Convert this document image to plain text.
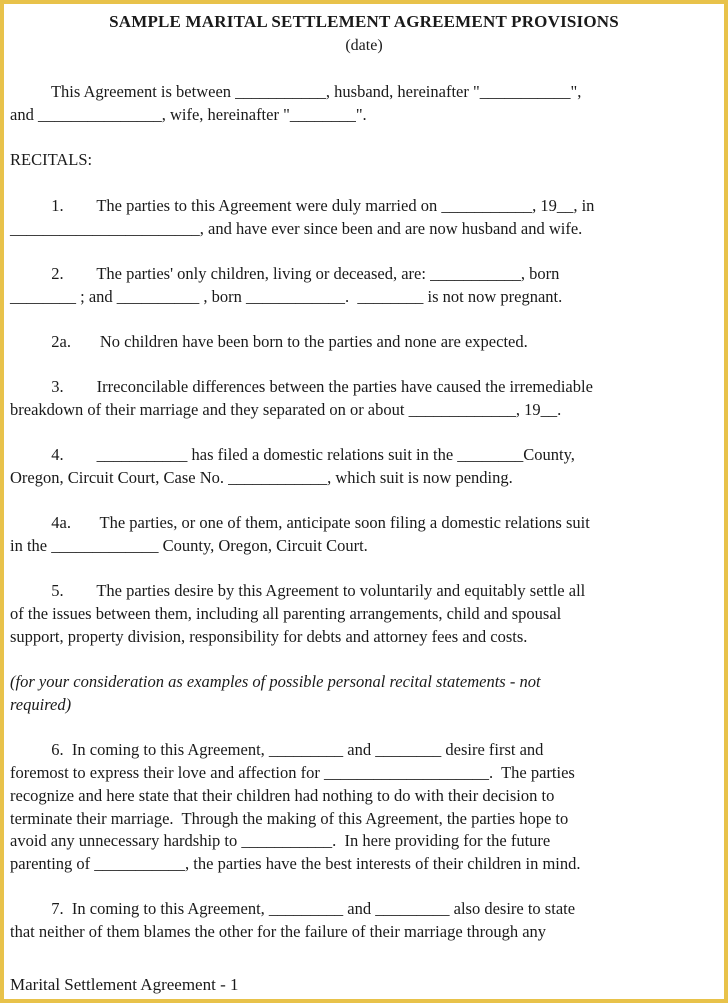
SAMPLE MARITAL SETTLEMENT AGREEMENT PROVISIONS
(date)
This Agreement is between ___________, husband, hereinafter "___________",
and _______________, wife, hereinafter "________".
RECITALS:
1.        The parties to this Agreement were duly married on ___________, 19__, in
_______________________, and have ever since been and are now husband and wife.
2.        The parties' only children, living or deceased, are: ___________, born
________ ; and __________ , born ____________.  ________ is not now pregnant.
2a.       No children have been born to the parties and none are expected.
3.        Irreconcilable differences between the parties have caused the irremediable
breakdown of their marriage and they separated on or about _____________, 19__.
4.        ___________ has filed a domestic relations suit in the ________County,
Oregon, Circuit Court, Case No. ____________, which suit is now pending.
4a.       The parties, or one of them, anticipate soon filing a domestic relations suit
in the _____________ County, Oregon, Circuit Court.
5.        The parties desire by this Agreement to voluntarily and equitably settle all
of the issues between them, including all parenting arrangements, child and spousal
support, property division, responsibility for debts and attorney fees and costs.
(for your consideration as examples of possible personal recital statements - not
required)
6.  In coming to this Agreement, _________ and ________ desire first and
foremost to express their love and affection for ____________________.  The parties
recognize and here state that their children had nothing to do with their decision to
terminate their marriage.  Through the making of this Agreement, the parties hope to
avoid any unnecessary hardship to ___________.  In here providing for the future
parenting of ___________, the parties have the best interests of their children in mind.
7.  In coming to this Agreement, _________ and _________ also desire to state
that neither of them blames the other for the failure of their marriage through any
Marital Settlement Agreement - 1
